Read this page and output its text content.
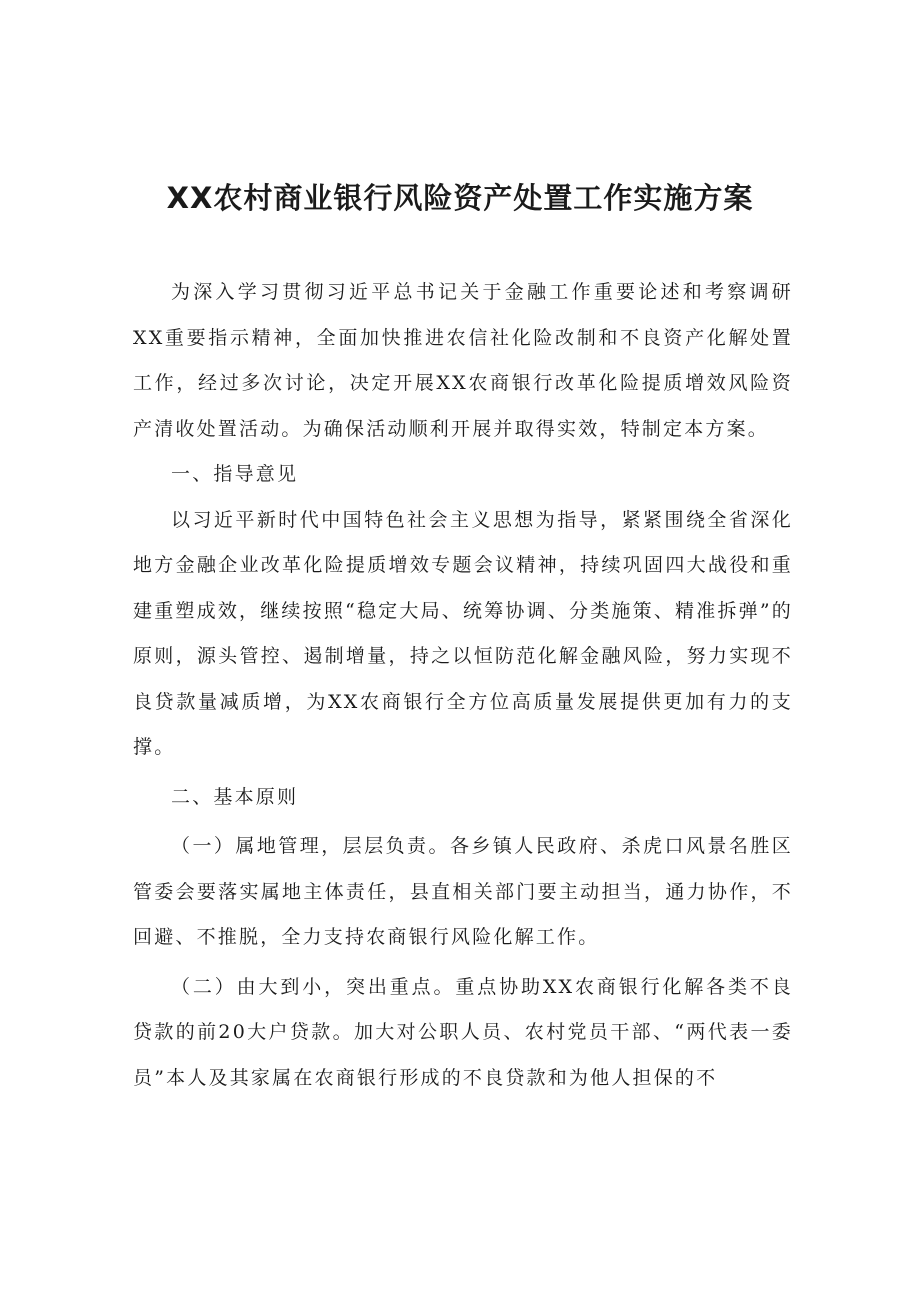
XX农村商业银行风险资产处置工作实施方案

为深入学习贯彻习近平总书记关于金融工作重要论述和考察调研XX重要指示精神，全面加快推进农信社化险改制和不良资产化解处置工作，经过多次讨论，决定开展XX农商银行改革化险提质增效风险资产清收处置活动。为确保活动顺利开展并取得实效，特制定本方案。

一、指导意见

以习近平新时代中国特色社会主义思想为指导，紧紧围绕全省深化地方金融企业改革化险提质增效专题会议精神，持续巩固四大战役和重建重塑成效，继续按照“稳定大局、统筹协调、分类施策、精准拆弹”的原则，源头管控、遏制增量，持之以恒防范化解金融风险，努力实现不良贷款量减质增，为XX农商银行全方位高质量发展提供更加有力的支撑。

二、基本原则

（一）属地管理，层层负责。各乡镇人民政府、杀虎口风景名胜区管委会要落实属地主体责任，县直相关部门要主动担当，通力协作，不回避、不推脱，全力支持农商银行风险化解工作。

（二）由大到小，突出重点。重点协助XX农商银行化解各类不良贷款的前20大户贷款。加大对公职人员、农村党员干部、“两代表一委员”本人及其家属在农商银行形成的不良贷款和为他人担保的不
